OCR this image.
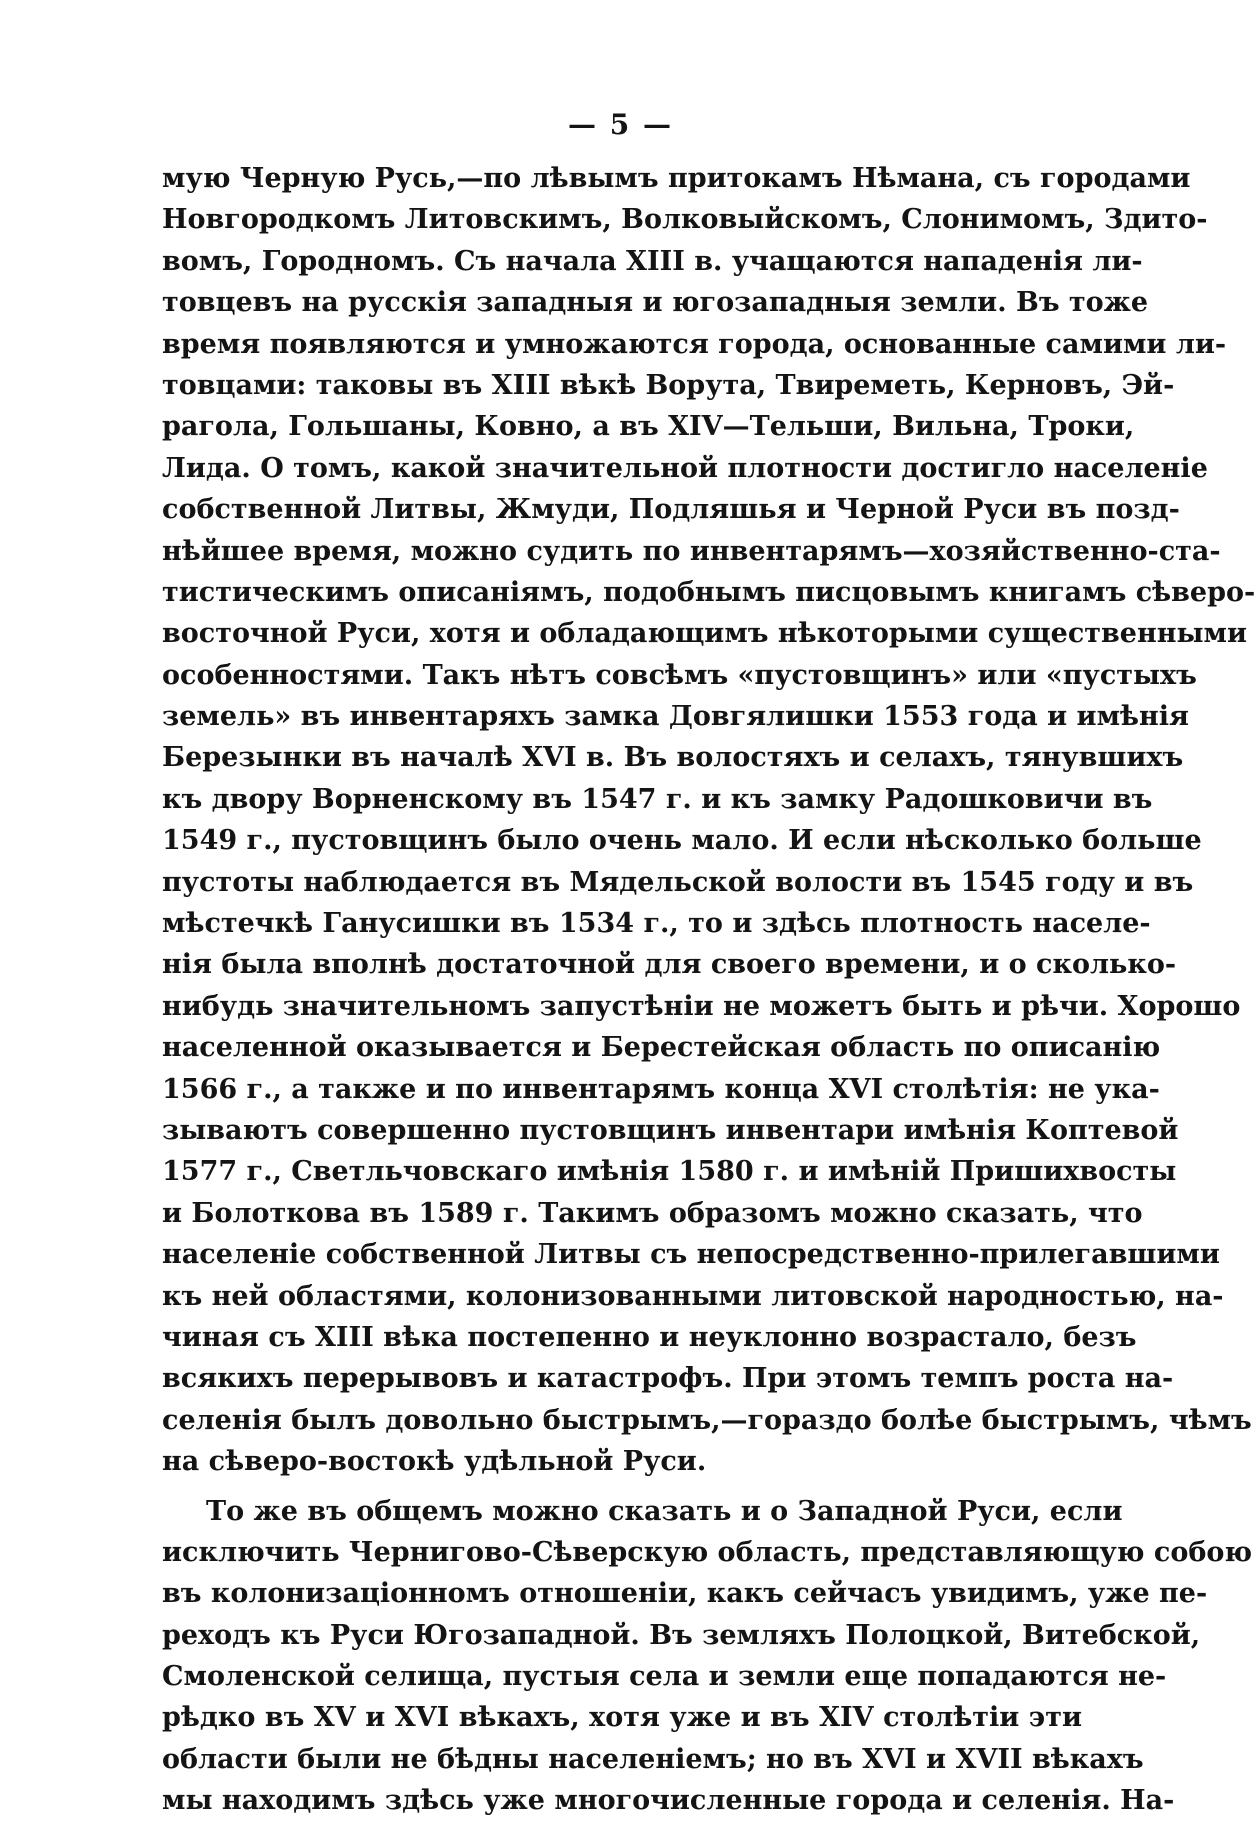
— 5 —
мую Черную Русь,—по лѣвымъ притокамъ Нѣмана, съ городами
Новгородкомъ Литовскимъ, Волковыйскомъ, Слонимомъ, Здито-
вомъ, Городномъ. Съ начала XIII в. учащаются нападенія ли-
товцевъ на русскія западныя и югозападныя земли. Въ тоже
время появляются и умножаются города, основанные самими ли-
товцами: таковы въ XIII вѣкѣ Ворута, Твиреметь, Керновъ, Эй-
рагола, Гольшаны, Ковно, а въ XIV—Тельши, Вильна, Троки,
Лида. О томъ, какой значительной плотности достигло населеніе
собственной Литвы, Жмуди, Подляшья и Черной Руси въ позд-
нѣйшее время, можно судить по инвентарямъ—хозяйственно-ста-
тистическимъ описаніямъ, подобнымъ писцовымъ книгамъ сѣверо-
восточной Руси, хотя и обладающимъ нѣкоторыми существенными
особенностями. Такъ нѣтъ совсѣмъ «пустовщинъ» или «пустыхъ
земель» въ инвентаряхъ замка Довгялишки 1553 года и имѣнія
Березынки въ началѣ XVI в. Въ волостяхъ и селахъ, тянувшихъ
къ двору Ворненскому въ 1547 г. и къ замку Радошковичи въ
1549 г., пустовщинъ было очень мало. И если нѣсколько больше
пустоты наблюдается въ Мядельской волости въ 1545 году и въ
мѣстечкѣ Ганусишки въ 1534 г., то и здѣсь плотность населе-
нія была вполнѣ достаточной для своего времени, и о сколько-
нибудь значительномъ запустѣніи не можетъ быть и рѣчи. Хорошо
населенной оказывается и Берестейская область по описанію
1566 г., а также и по инвентарямъ конца XVI столѣтія: не ука-
зываютъ совершенно пустовщинъ инвентари имѣнія Коптевой
1577 г., Светльчовскаго имѣнія 1580 г. и имѣній Пришихвосты
и Болоткова въ 1589 г. Такимъ образомъ можно сказать, что
населеніе собственной Литвы съ непосредственно-прилегавшими
къ ней областями, колонизованными литовской народностью, на-
чиная съ XIII вѣка постепенно и неуклонно возрастало, безъ
всякихъ перерывовъ и катастрофъ. При этомъ темпъ роста на-
селенія былъ довольно быстрымъ,—гораздо болѣе быстрымъ, чѣмъ
на сѣверо-востокѣ удѣльной Руси.
То же въ общемъ можно сказать и о Западной Руси, если
исключить Черниговo-Сѣверскую область, представляющую собою
въ колонизаціонномъ отношеніи, какъ сейчасъ увидимъ, уже пе-
реходъ къ Руси Югозападной. Въ земляхъ Полоцкой, Витебской,
Смоленской селища, пустыя села и земли еще попадаются не-
рѣдко въ XV и XVI вѣкахъ, хотя уже и въ XIV столѣтіи эти
области были не бѣдны населеніемъ; но въ XVI и XVII вѣкахъ
мы находимъ здѣсь уже многочисленные города и селенія. На-
